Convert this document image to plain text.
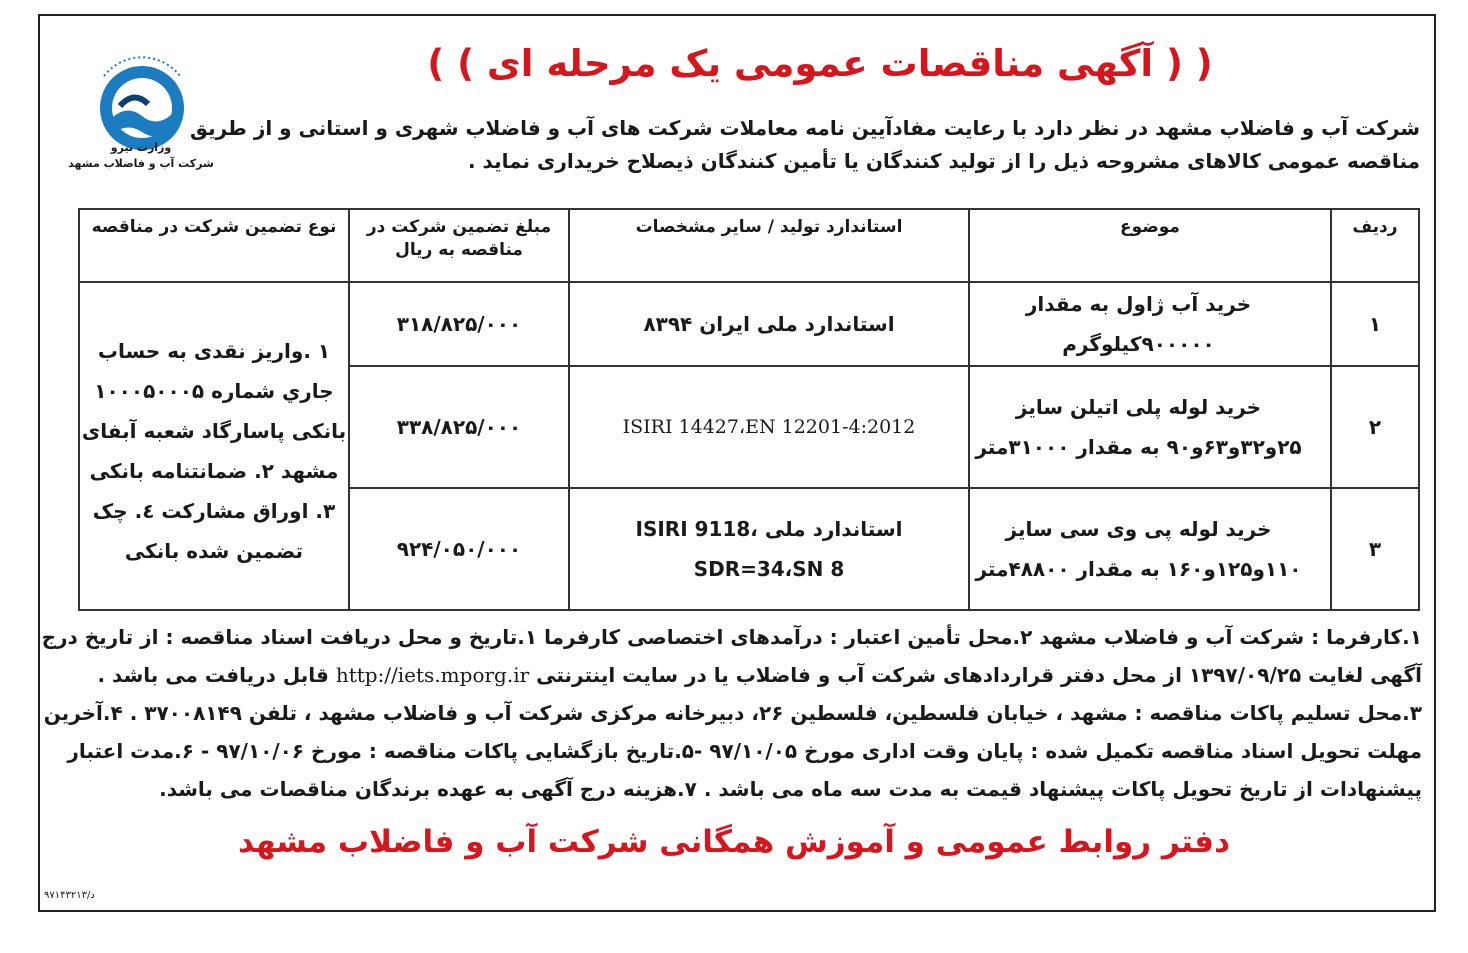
وزارت نیرو
شرکت آب و فاضلاب مشهد
( ( آگهی مناقصات عمومی یک مرحله ای ) )
شرکت آب و فاضلاب مشهد در نظر دارد با رعایت مفادآیین نامه معاملات شرکت های آب و فاضلاب شهری و استانی و از طریق
مناقصه عمومی کالاهای مشروحه ذیل را از تولید کنندگان یا تأمین کنندگان ذیصلاح خریداری نماید .
ردیف	موضوع	استاندارد تولید / سایر مشخصات	مبلغ تضمین شرکت در مناقصه به ریال	نوع تضمین شرکت در مناقصه
۱	خرید آب ژاول به مقدار ۹۰۰۰۰۰کیلوگرم	استاندارد ملی ایران ۸۳۹۴	۳۱۸/۸۲۵/۰۰۰	۱ .واریز نقدی به حساب جاري شماره ۱۰۰۰۵۰۰۰۵ بانکی پاسارگاد شعبه آبفای مشهد ۲. ضمانتنامه بانکی ۳. اوراق مشارکت ٤. چک تضمین شده بانکی
۲	خرید لوله پلی اتیلن سایز ۲۵و۳۲و۶۳و۹۰ به مقدار ۳۱۰۰۰متر	ISIRI 14427،EN 12201-4:2012	۳۳۸/۸۲۵/۰۰۰	
۳	خرید لوله پی وی سی سایز ۱۱۰و۱۲۵و۱۶۰ به مقدار ۴۸۸۰۰متر	استاندارد ملی ISIRI 9118، SDR=34،SN 8	۹۲۴/۰۵۰/۰۰۰	
۱.کارفرما : شرکت آب و فاضلاب مشهد ۲.محل تأمین اعتبار : درآمدهای اختصاصی کارفرما ۱.تاریخ و محل دریافت اسناد مناقصه : از تاریخ درج
آگهی لغایت ۱۳۹۷/۰۹/۲۵ از محل دفتر قراردادهای شرکت آب و فاضلاب یا در سایت اینترنتی http://iets.mporg.ir قابل دریافت می باشد .
۳.محل تسلیم پاکات مناقصه : مشهد ، خیابان فلسطین، فلسطین ۲۶، دبیرخانه مرکزی شرکت آب و فاضلاب مشهد ، تلفن ۳۷۰۰۸۱۴۹ . ۴.آخرین
مهلت تحویل اسناد مناقصه تکمیل شده : پایان وقت اداری مورخ ۹۷/۱۰/۰۵ -۵.تاریخ بازگشایی پاکات مناقصه : مورخ ۹۷/۱۰/۰۶ - ۶.مدت اعتبار
پیشنهادات از تاریخ تحویل پاکات پیشنهاد قیمت به مدت سه ماه می باشد . ۷.هزینه درج آگهی به عهده برندگان مناقصات می باشد.
دفتر روابط عمومی و آموزش همگانی شرکت آب و فاضلاب مشهد
د/۹۷۱۴۳۲۱۳
